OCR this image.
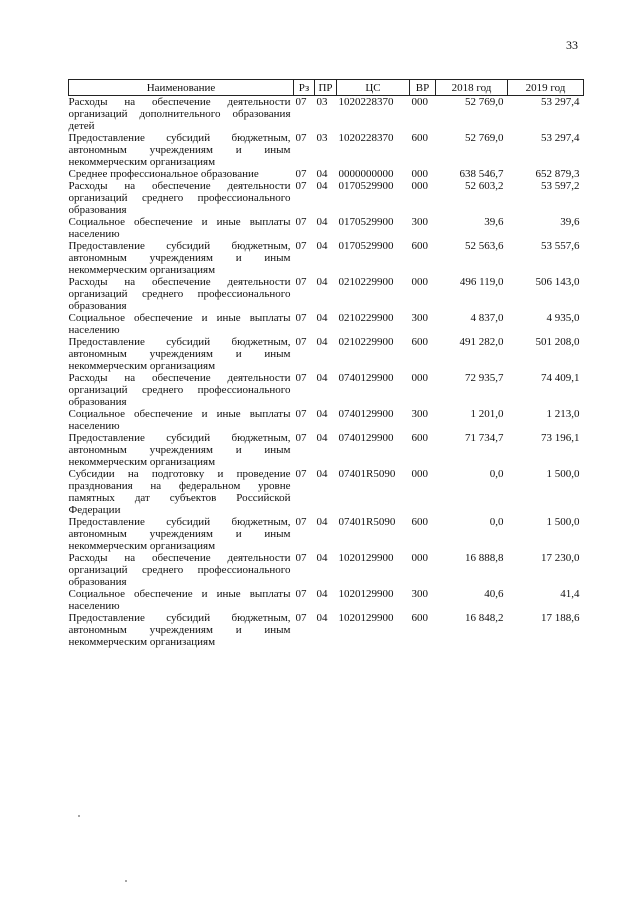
33
Наименование	Рз	ПР	ЦС	ВР	2018 год	2019 год
Расходы на обеспечение деятельности организаций дополнительного образования детей	07	03	1020228370	000	52 769,0	53 297,4
Предоставление субсидий бюджетным, автономным учреждениям и иным некоммерческим организациям	07	03	1020228370	600	52 769,0	53 297,4
Среднее профессиональное образование	07	04	0000000000	000	638 546,7	652 879,3
Расходы на обеспечение деятельности организаций среднего профессионального образования	07	04	0170529900	000	52 603,2	53 597,2
Социальное обеспечение и иные выплаты населению	07	04	0170529900	300	39,6	39,6
Предоставление субсидий бюджетным, автономным учреждениям и иным некоммерческим организациям	07	04	0170529900	600	52 563,6	53 557,6
Расходы на обеспечение деятельности организаций среднего профессионального образования	07	04	0210229900	000	496 119,0	506 143,0
Социальное обеспечение и иные выплаты населению	07	04	0210229900	300	4 837,0	4 935,0
Предоставление субсидий бюджетным, автономным учреждениям и иным некоммерческим организациям	07	04	0210229900	600	491 282,0	501 208,0
Расходы на обеспечение деятельности организаций среднего профессионального образования	07	04	0740129900	000	72 935,7	74 409,1
Социальное обеспечение и иные выплаты населению	07	04	0740129900	300	1 201,0	1 213,0
Предоставление субсидий бюджетным, автономным учреждениям и иным некоммерческим организациям	07	04	0740129900	600	71 734,7	73 196,1
Субсидии на подготовку и проведение празднования на федеральном уровне памятных дат субъектов Российской Федерации	07	04	07401R5090	000	0,0	1 500,0
Предоставление субсидий бюджетным, автономным учреждениям и иным некоммерческим организациям	07	04	07401R5090	600	0,0	1 500,0
Расходы на обеспечение деятельности организаций среднего профессионального образования	07	04	1020129900	000	16 888,8	17 230,0
Социальное обеспечение и иные выплаты населению	07	04	1020129900	300	40,6	41,4
Предоставление субсидий бюджетным, автономным учреждениям и иным некоммерческим организациям	07	04	1020129900	600	16 848,2	17 188,6
